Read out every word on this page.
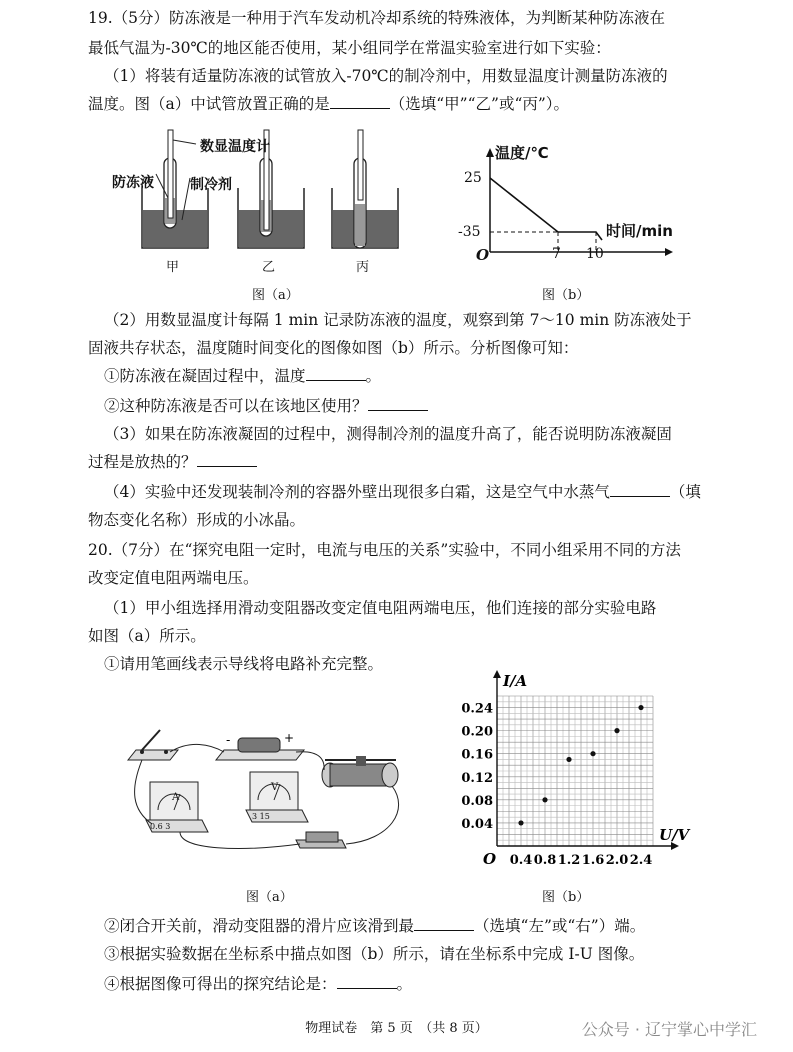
19.（5分）防冻液是一种用于汽车发动机冷却系统的特殊液体，为判断某种防冻液在
最低气温为-30℃的地区能否使用，某小组同学在常温实验室进行如下实验：
（1）将装有适量防冻液的试管放入-70℃的制冷剂中，用数显温度计测量防冻液的
温度。图（a）中试管放置正确的是	（选填“甲”“乙”或“丙”）。
数显温度计
防冻液	制冷剂
甲	乙	丙
图（a）
温度/℃
25
-35	时间/min
O	7 10
图（b）
（2）用数显温度计每隔 1 min 记录防冻液的温度，观察到第 7～10 min 防冻液处于
固液共存状态，温度随时间变化的图像如图（b）所示。分析图像可知：
①防冻液在凝固过程中，温度	。
②这种防冻液是否可以在该地区使用？
（3）如果在防冻液凝固的过程中，测得制冷剂的温度升高了，能否说明防冻液凝固
过程是放热的？
（4）实验中还发现装制冷剂的容器外壁出现很多白霜，这是空气中水蒸气	（填
物态变化名称）形成的小冰晶。
20.（7分）在“探究电阻一定时，电流与电压的关系”实验中，不同小组采用不同的方法
改变定值电阻两端电压。
（1）甲小组选择用滑动变阻器改变定值电阻两端电压，他们连接的部分实验电路
如图（a）所示。
①请用笔画线表示导线将电路补充完整。
-	+
A
V
0.6 3
3 15
图（a）
I/A
U/V
O 0.4 0.8 1.2 1.6 2.0 2.4
0.04
0.08
0.12
0.16
0.20
0.24
图（b）
②闭合开关前，滑动变阻器的滑片应该滑到最	（选填“左”或“右”）端。
③根据实验数据在坐标系中描点如图（b）所示，请在坐标系中完成 I-U 图像。
④根据图像可得出的探究结论是：	。
物理试卷　第 5 页　（共 8 页）	公众号 · 辽宁掌心中学汇
